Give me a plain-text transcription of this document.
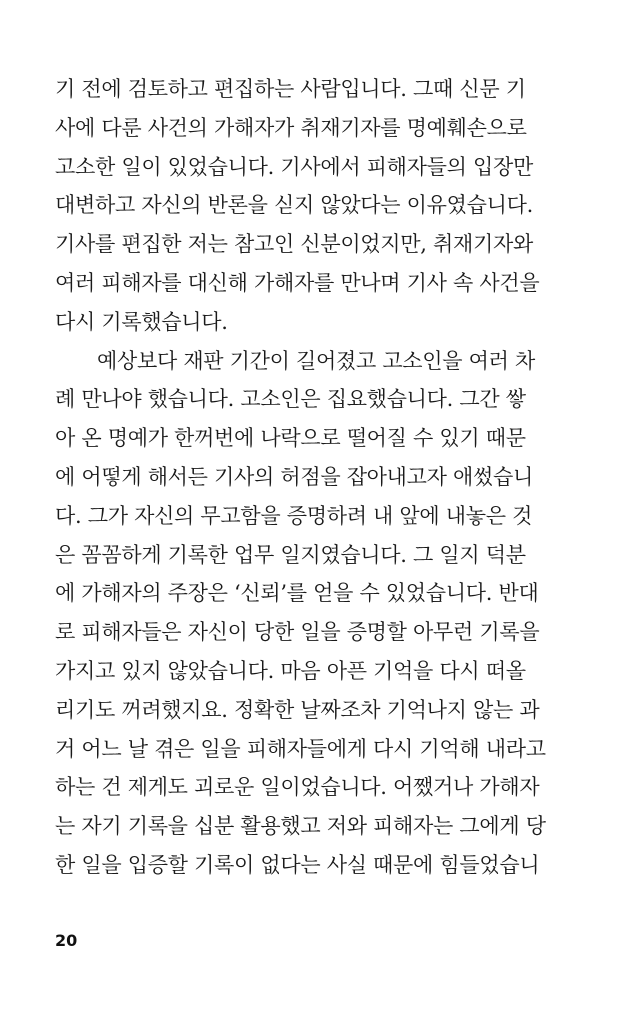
기 전에 검토하고 편집하는 사람입니다. 그때 신문 기
사에 다룬 사건의 가해자가 취재기자를 명예훼손으로
고소한 일이 있었습니다. 기사에서 피해자들의 입장만
대변하고 자신의 반론을 싣지 않았다는 이유였습니다.
기사를 편집한 저는 참고인 신분이었지만, 취재기자와
여러 피해자를 대신해 가해자를 만나며 기사 속 사건을
다시 기록했습니다.
예상보다 재판 기간이 길어졌고 고소인을 여러 차
례 만나야 했습니다. 고소인은 집요했습니다. 그간 쌓
아 온 명예가 한꺼번에 나락으로 떨어질 수 있기 때문
에 어떻게 해서든 기사의 허점을 잡아내고자 애썼습니
다. 그가 자신의 무고함을 증명하려 내 앞에 내놓은 것
은 꼼꼼하게 기록한 업무 일지였습니다. 그 일지 덕분
에 가해자의 주장은 ‘신뢰’를 얻을 수 있었습니다. 반대
로 피해자들은 자신이 당한 일을 증명할 아무런 기록을
가지고 있지 않았습니다. 마음 아픈 기억을 다시 떠올
리기도 꺼려했지요. 정확한 날짜조차 기억나지 않는 과
거 어느 날 겪은 일을 피해자들에게 다시 기억해 내라고
하는 건 제게도 괴로운 일이었습니다. 어쨌거나 가해자
는 자기 기록을 십분 활용했고 저와 피해자는 그에게 당
한 일을 입증할 기록이 없다는 사실 때문에 힘들었습니
20
